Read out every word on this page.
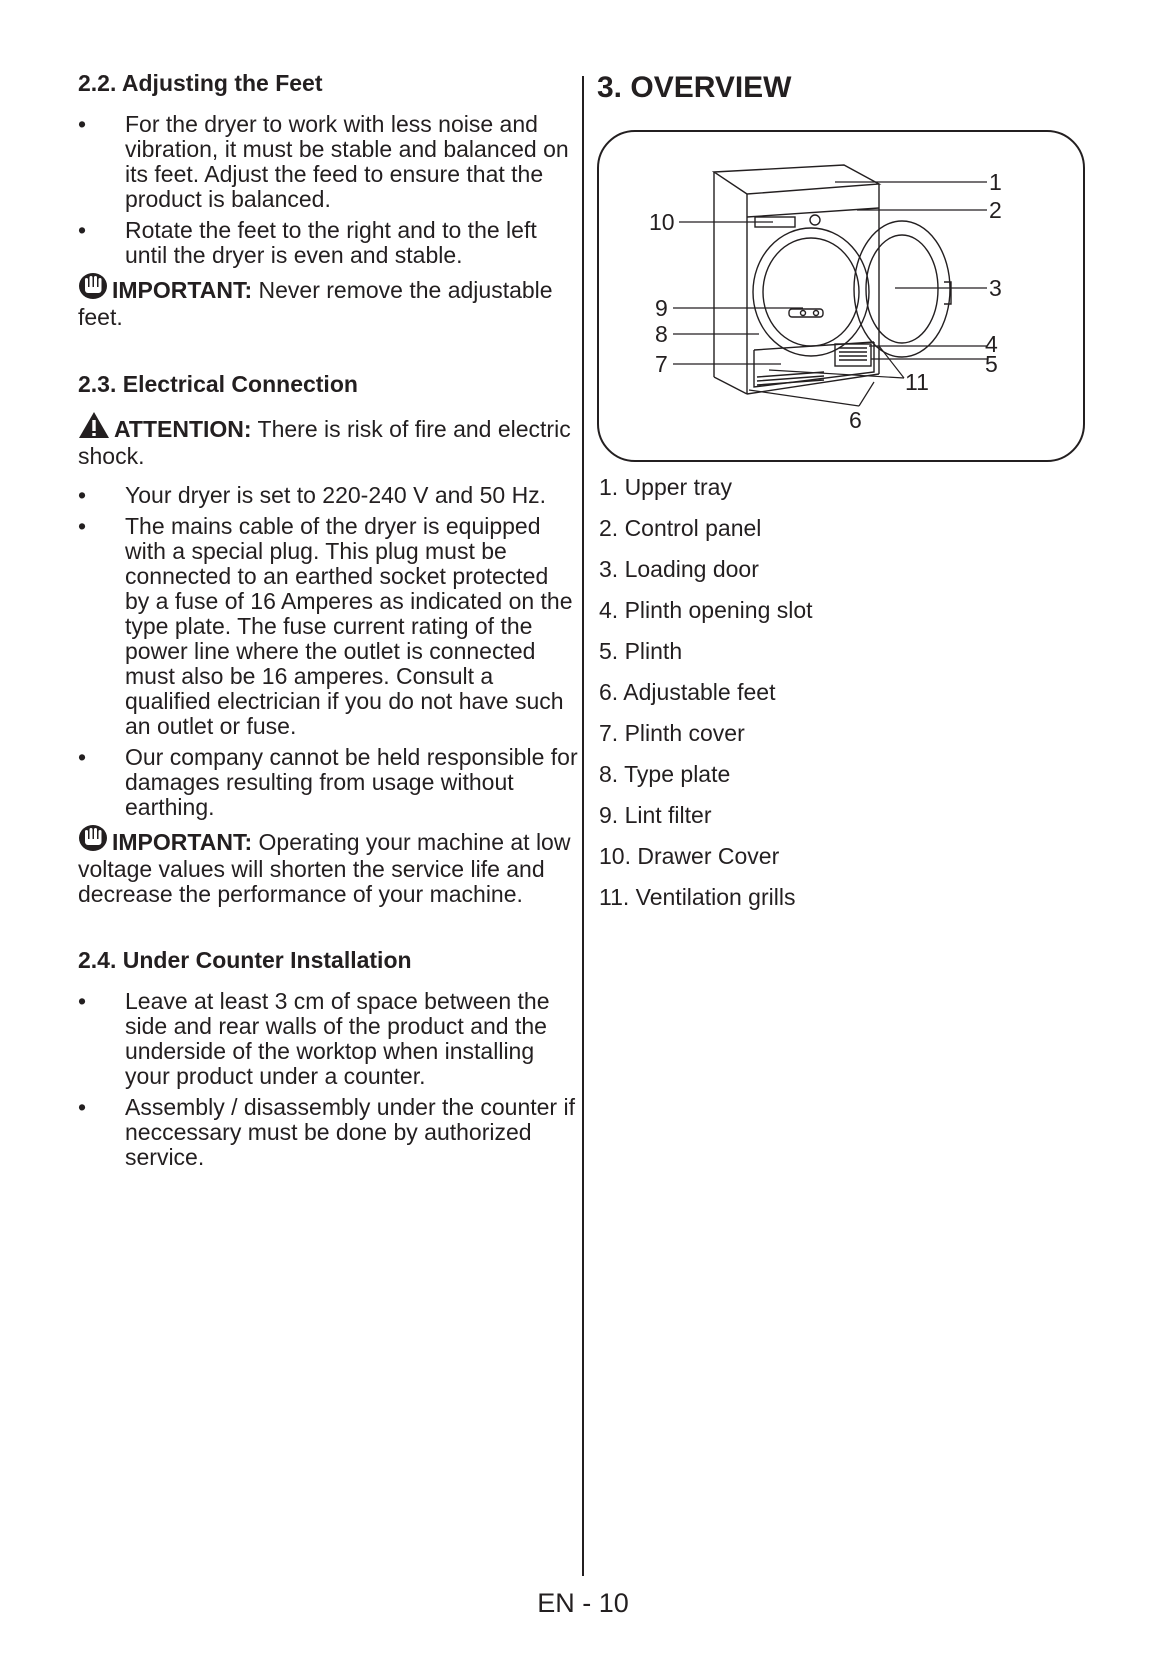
2.2. Adjusting the Feet
• For the dryer to work with less noise and vibration, it must be stable and balanced on its feet. Adjust the feed to ensure that the product is balanced.
• Rotate the feet to the right and to the left until the dryer is even and stable.

IMPORTANT: Never remove the adjustable feet.

2.3. Electrical Connection

ATTENTION: There is risk of fire and electric shock.

• Your dryer is set to 220-240 V and 50 Hz.
• The mains cable of the dryer is equipped with a special plug. This plug must be connected to an earthed socket protected by a fuse of 16 Amperes as indicated on the type plate. The fuse current rating of the power line where the outlet is connected must also be 16 amperes. Consult a qualified electrician if you do not have such an outlet or fuse.
• Our company cannot be held responsible for damages resulting from usage without earthing.

IMPORTANT: Operating your machine at low voltage values will shorten the service life and decrease the performance of your machine.

2.4. Under Counter Installation
• Leave at least 3 cm of space between the side and rear walls of the product and the underside of the worktop when installing your product under a counter.
• Assembly / disassembly under the counter if neccessary must be done by authorized service.
3. OVERVIEW
1
2
3
4
5
6
7
8
9
10
11
1. Upper tray
2. Control panel
3. Loading door
4. Plinth opening slot
5. Plinth
6. Adjustable feet
7. Plinth cover
8. Type plate
9. Lint filter
10. Drawer Cover
11. Ventilation grills
EN - 10
